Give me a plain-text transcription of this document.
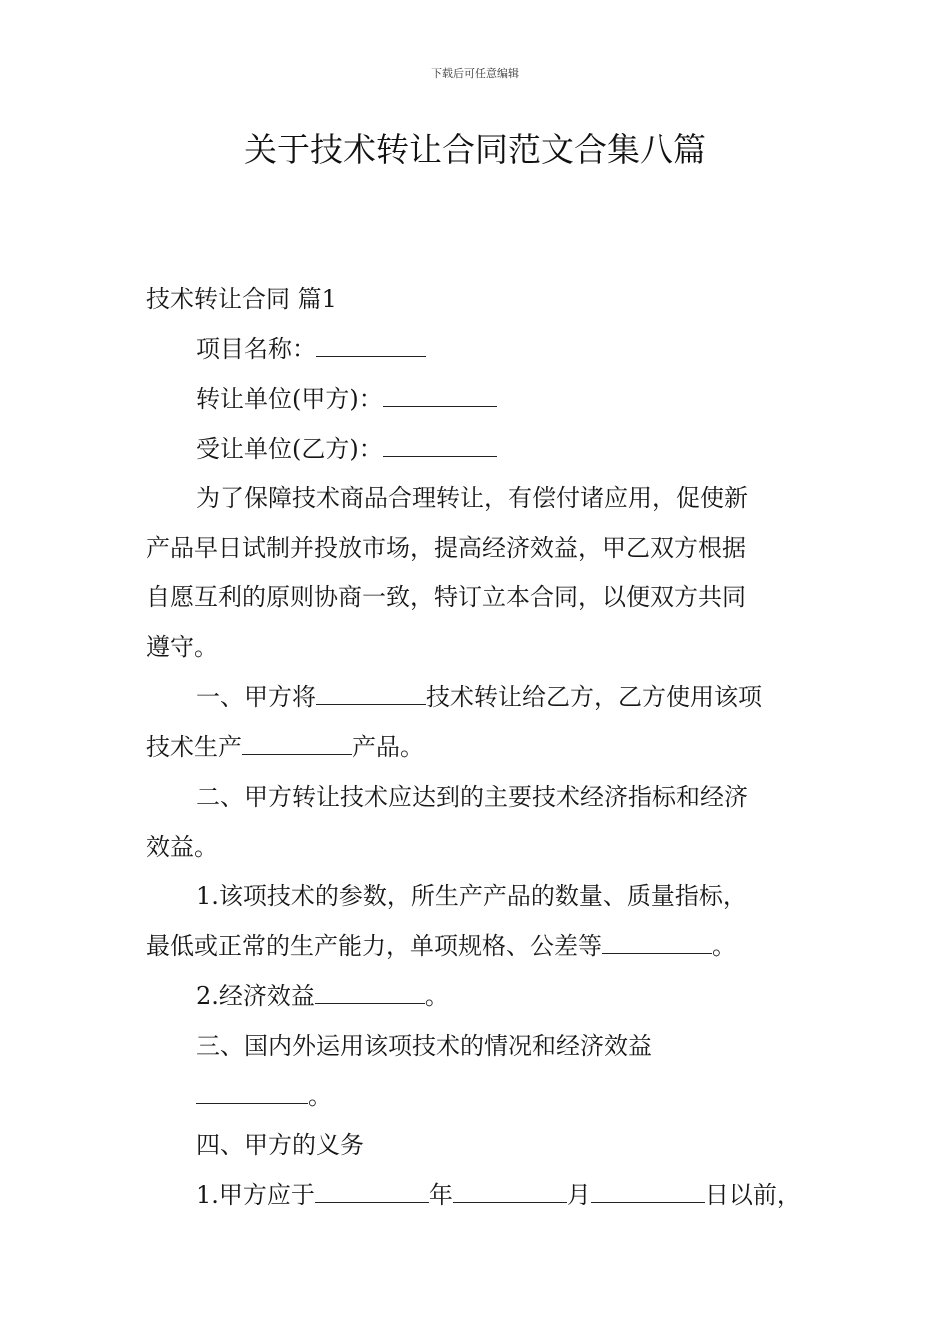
下载后可任意编辑
关于技术转让合同范文合集八篇
技术转让合同 篇1
项目名称：
转让单位(甲方)：
受让单位(乙方)：
为了保障技术商品合理转让，有偿付诸应用，促使新
产品早日试制并投放市场，提高经济效益，甲乙双方根据
自愿互利的原则协商一致，特订立本合同，以便双方共同
遵守。
一、甲方将	技术转让给乙方，乙方使用该项
技术生产	产品。
二、甲方转让技术应达到的主要技术经济指标和经济
效益。
1.该项技术的参数，所生产产品的数量、质量指标，
最低或正常的生产能力，单项规格、公差等	。
2.经济效益	。
三、国内外运用该项技术的情况和经济效益
。
四、甲方的义务
1.甲方应于	年	月	日以前，
